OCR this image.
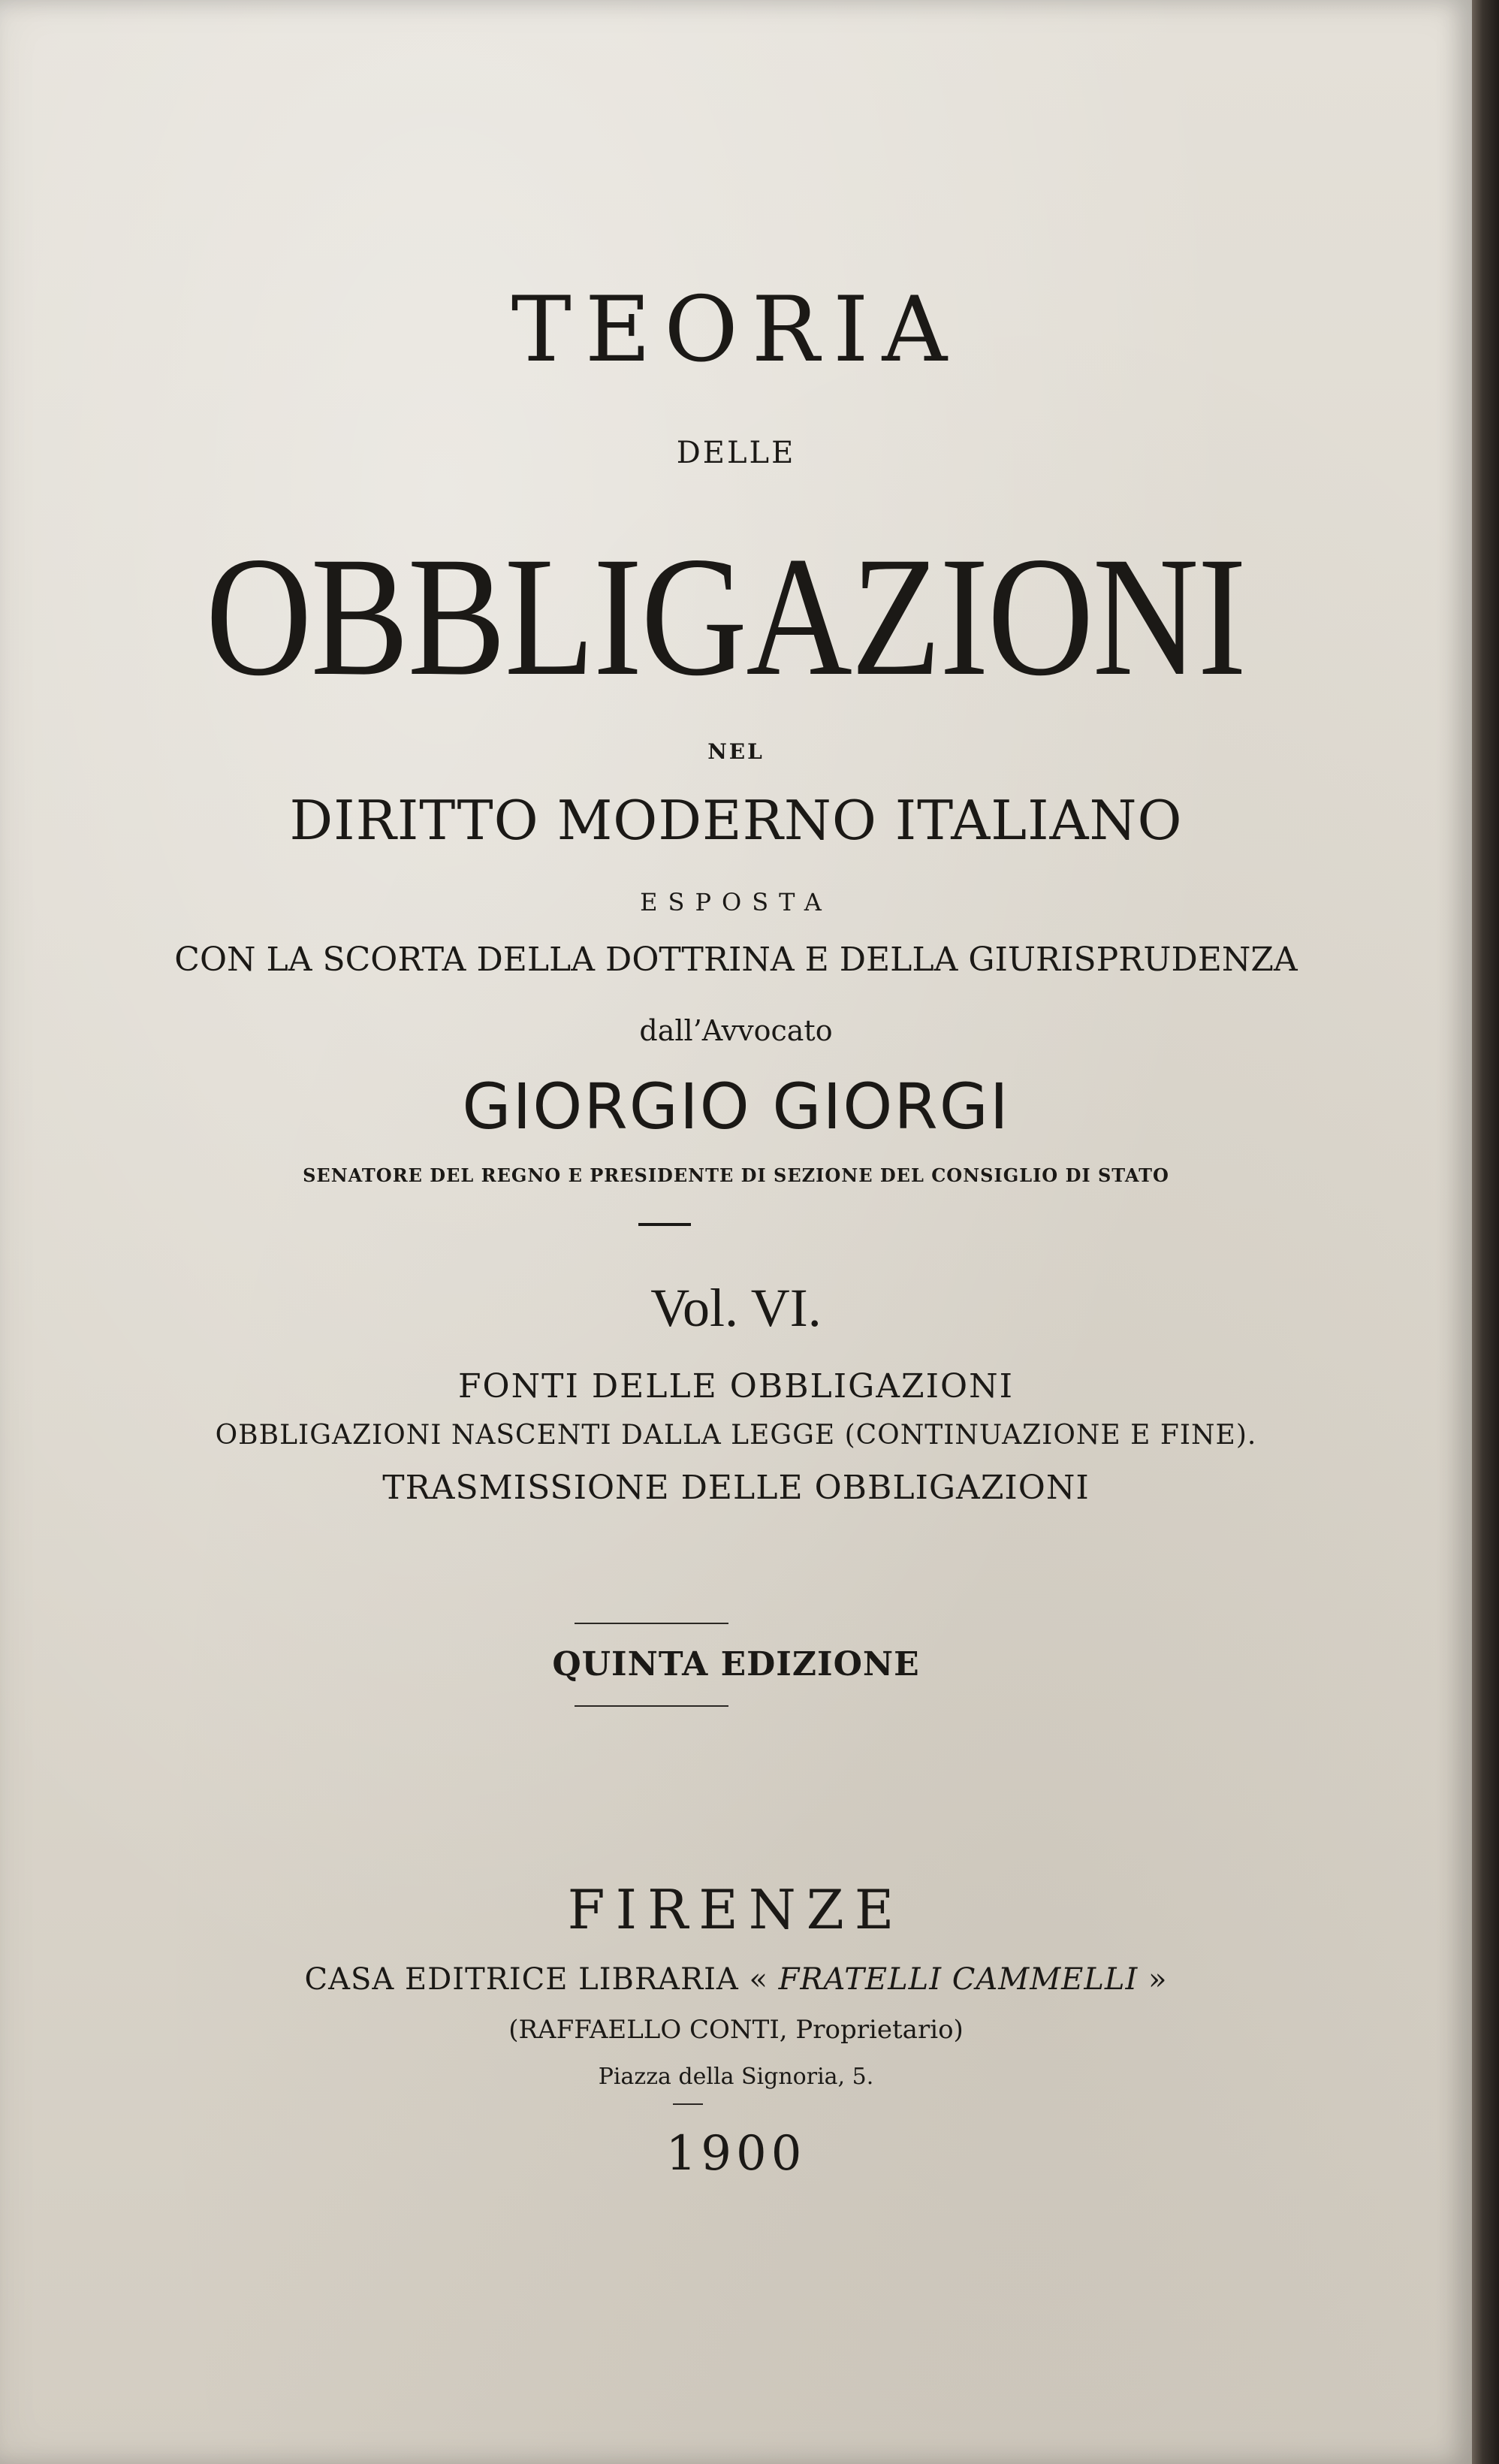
TEORIA
DELLE
OBBLIGAZIONI
NEL
DIRITTO MODERNO ITALIANO
ESPOSTA
CON LA SCORTA DELLA DOTTRINA E DELLA GIURISPRUDENZA
dall’Avvocato
GIORGIO GIORGI
SENATORE DEL REGNO E PRESIDENTE DI SEZIONE DEL CONSIGLIO DI STATO
Vol. VI.
FONTI DELLE OBBLIGAZIONI
OBBLIGAZIONI NASCENTI DALLA LEGGE (CONTINUAZIONE E FINE).
TRASMISSIONE DELLE OBBLIGAZIONI
QUINTA EDIZIONE
FIRENZE
CASA EDITRICE LIBRARIA « FRATELLI CAMMELLI »
(RAFFAELLO CONTI, Proprietario)
Piazza della Signoria, 5.
1900
